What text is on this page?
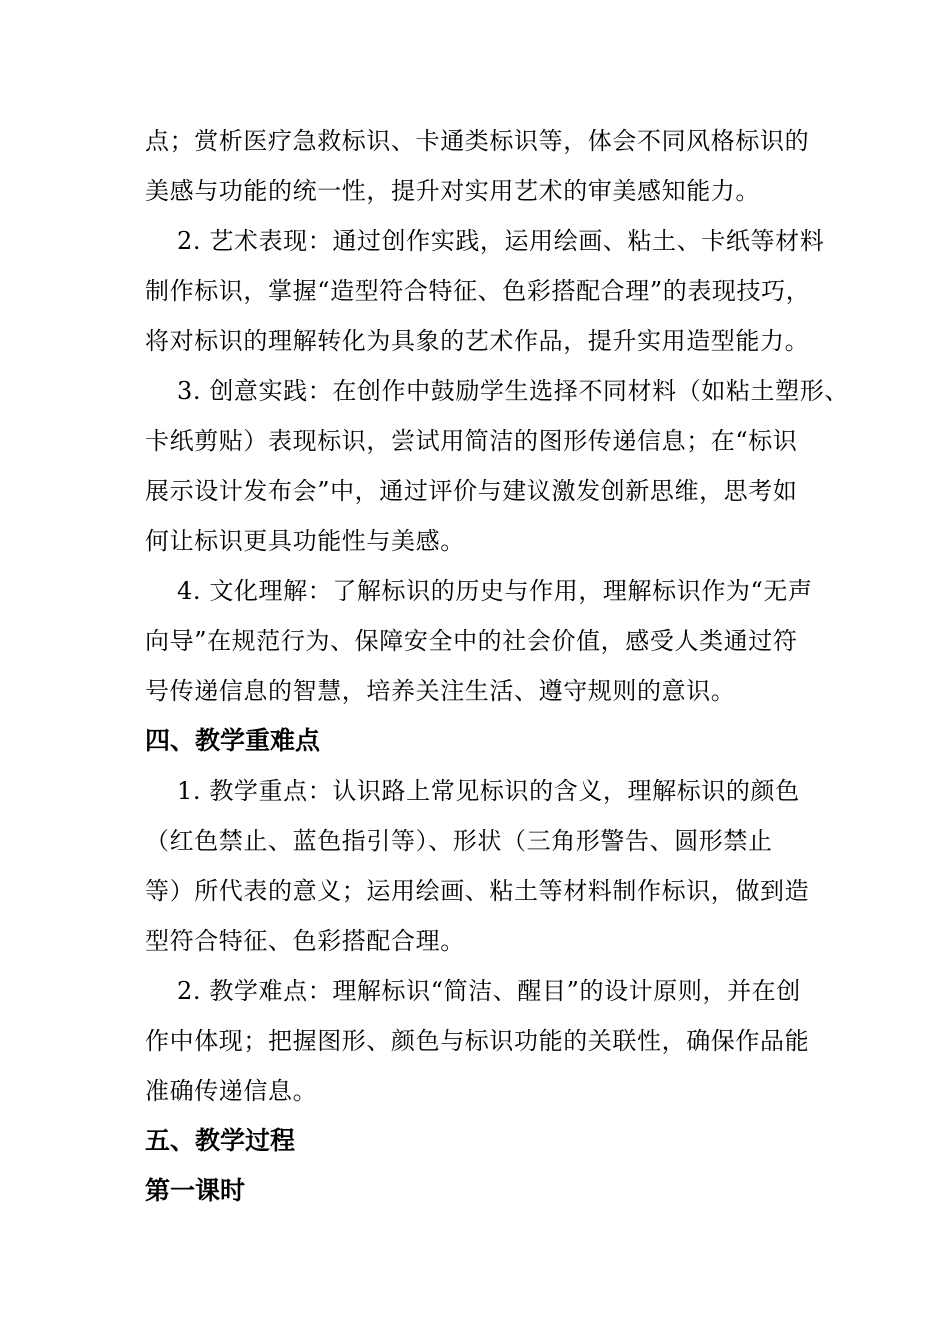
点；赏析医疗急救标识、卡通类标识等，体会不同风格标识的
美感与功能的统一性，提升对实用艺术的审美感知能力。
2. 艺术表现：通过创作实践，运用绘画、粘土、卡纸等材料
制作标识，掌握“造型符合特征、色彩搭配合理”的表现技巧，
将对标识的理解转化为具象的艺术作品，提升实用造型能力。
3. 创意实践：在创作中鼓励学生选择不同材料（如粘土塑形、
卡纸剪贴）表现标识，尝试用简洁的图形传递信息；在“标识
展示设计发布会”中，通过评价与建议激发创新思维，思考如
何让标识更具功能性与美感。
4. 文化理解：了解标识的历史与作用，理解标识作为“无声
向导”在规范行为、保障安全中的社会价值，感受人类通过符
号传递信息的智慧，培养关注生活、遵守规则的意识。
四、教学重难点
1. 教学重点：认识路上常见标识的含义，理解标识的颜色
（红色禁止、蓝色指引等）、形状（三角形警告、圆形禁止
等）所代表的意义；运用绘画、粘土等材料制作标识，做到造
型符合特征、色彩搭配合理。
2. 教学难点：理解标识“简洁、醒目”的设计原则，并在创
作中体现；把握图形、颜色与标识功能的关联性，确保作品能
准确传递信息。
五、教学过程
第一课时
